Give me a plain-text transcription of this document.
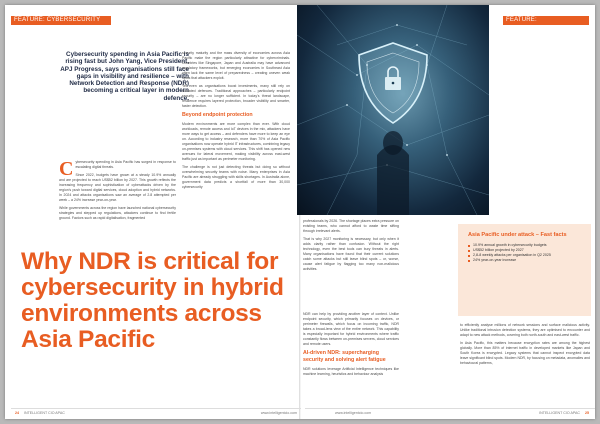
FEATURE: CYBERSECURITY	FEATURE: CYBERSECURITY
Cybersecurity spending in Asia Pacific is rising fast but John Yang, Vice President, APJ Progress, says organisations still face gaps in visibility and resilience – with Network Detection and Response (NDR) becoming a critical layer in modern defence.

Cybersecurity spending in Asia Pacific has surged in response to escalating digital threats.

Since 2022, budgets have grown at a steady 10.9% annually and are projected to reach US$52 billion by 2027. This growth reflects the increasing frequency and sophistication of cyberattacks driven by the region's push toward digital services, cloud adoption and hybrid networks. In 2024 and attacks organisations saw an average of 2.8 attempted per week – a 24% increase year-on-year.

While governments across the region have launched national cybersecurity strategies and stepped up regulations, attackers continue to find fertile ground. Factors such as rapid digitalisation, fragmented

security maturity and the mass diversity of economies across Asia Pacific make the region particularly attractive for cybercriminals. Countries like Singapore, Japan and Australia may have advanced regulatory frameworks, but emerging economies in Southeast Asia often lack the same level of preparedness – creating uneven weak spots that attackers exploit.

Yet even as organisations boost investments, many still rely on outdated defences. Traditional approaches – particularly endpoint security – are no longer sufficient. In today's threat landscape, resilience requires layered protection, broader visibility and smarter, faster detection.

Beyond endpoint protection

Modern environments are more complex than ever. With cloud workloads, remote access and IoT devices in the mix, attackers have more ways to get access – and defenders have more to keep an eye on. According to industry research, more than 70% of Asia Pacific organisations now operate hybrid IT infrastructures, combining legacy on-premises systems with cloud services. This shift has opened new avenues for lateral movement, making visibility across east-west traffic just as important as perimeter monitoring.

The challenge is not just detecting threats but doing so without overwhelming security teams with noise. Many enterprises in Asia Pacific are already struggling with skills shortages. In Australia alone, government data predicts a shortfall of more than 30,000 cybersecurity

professionals by 2026. The shortage places extra pressure on existing teams, who cannot afford to waste time sifting through irrelevant alerts.

That is why 2027 monitoring is necessary, but only when it adds clarity rather than confusion. Without the right technology, even the best tools can bury threats in alerts. Many organisations have found that their current solutions catch some attacks but still leave blind spots – or, worse, cause alert fatigue by flagging too many non-malicious activities.

NDR can help by providing another layer of context. Unlike endpoint security, which primarily focuses on devices, or perimeter firewalls, which focus on incoming traffic, NDR takes a broad-lens view of the entire network. This capability is especially important for hybrid environments where traffic constantly flows between on-premises servers, cloud services and remote users.

AI-driven NDR: supercharging security and solving alert fatigue

NDR solutions leverage Artificial Intelligence techniques like machine learning, heuristics and behaviour analysis

Asia Pacific under attack – Fast facts
10.9% annual growth in cybersecurity budgets
US$52 billion projected by 2027
2,8-8 weekly attacks per organisation in Q2 2025
24% year-on-year increase

to efficiently analyse millions of network sessions and surface malicious activity. Unlike traditional intrusion detection systems, they are optimised to encounter and adapt to new attack methods, covering both north-south and east-west traffic.

In Asia Pacific, this matters because encryption rates are among the highest globally. More than 85% of internet traffic in developed markets like Japan and South Korea is encrypted. Legacy systems that cannot inspect encrypted data leave significant blind spots. Modern NDR, by focusing on metadata, anomalies and behavioural patterns,

Why NDR is critical for cybersecurity in hybrid environments across Asia Pacific
24 INTELLIGENT CIO APAC	www.intelligentcio.com	www.intelligentcio.com	INTELLIGENT CIO APAC 25
